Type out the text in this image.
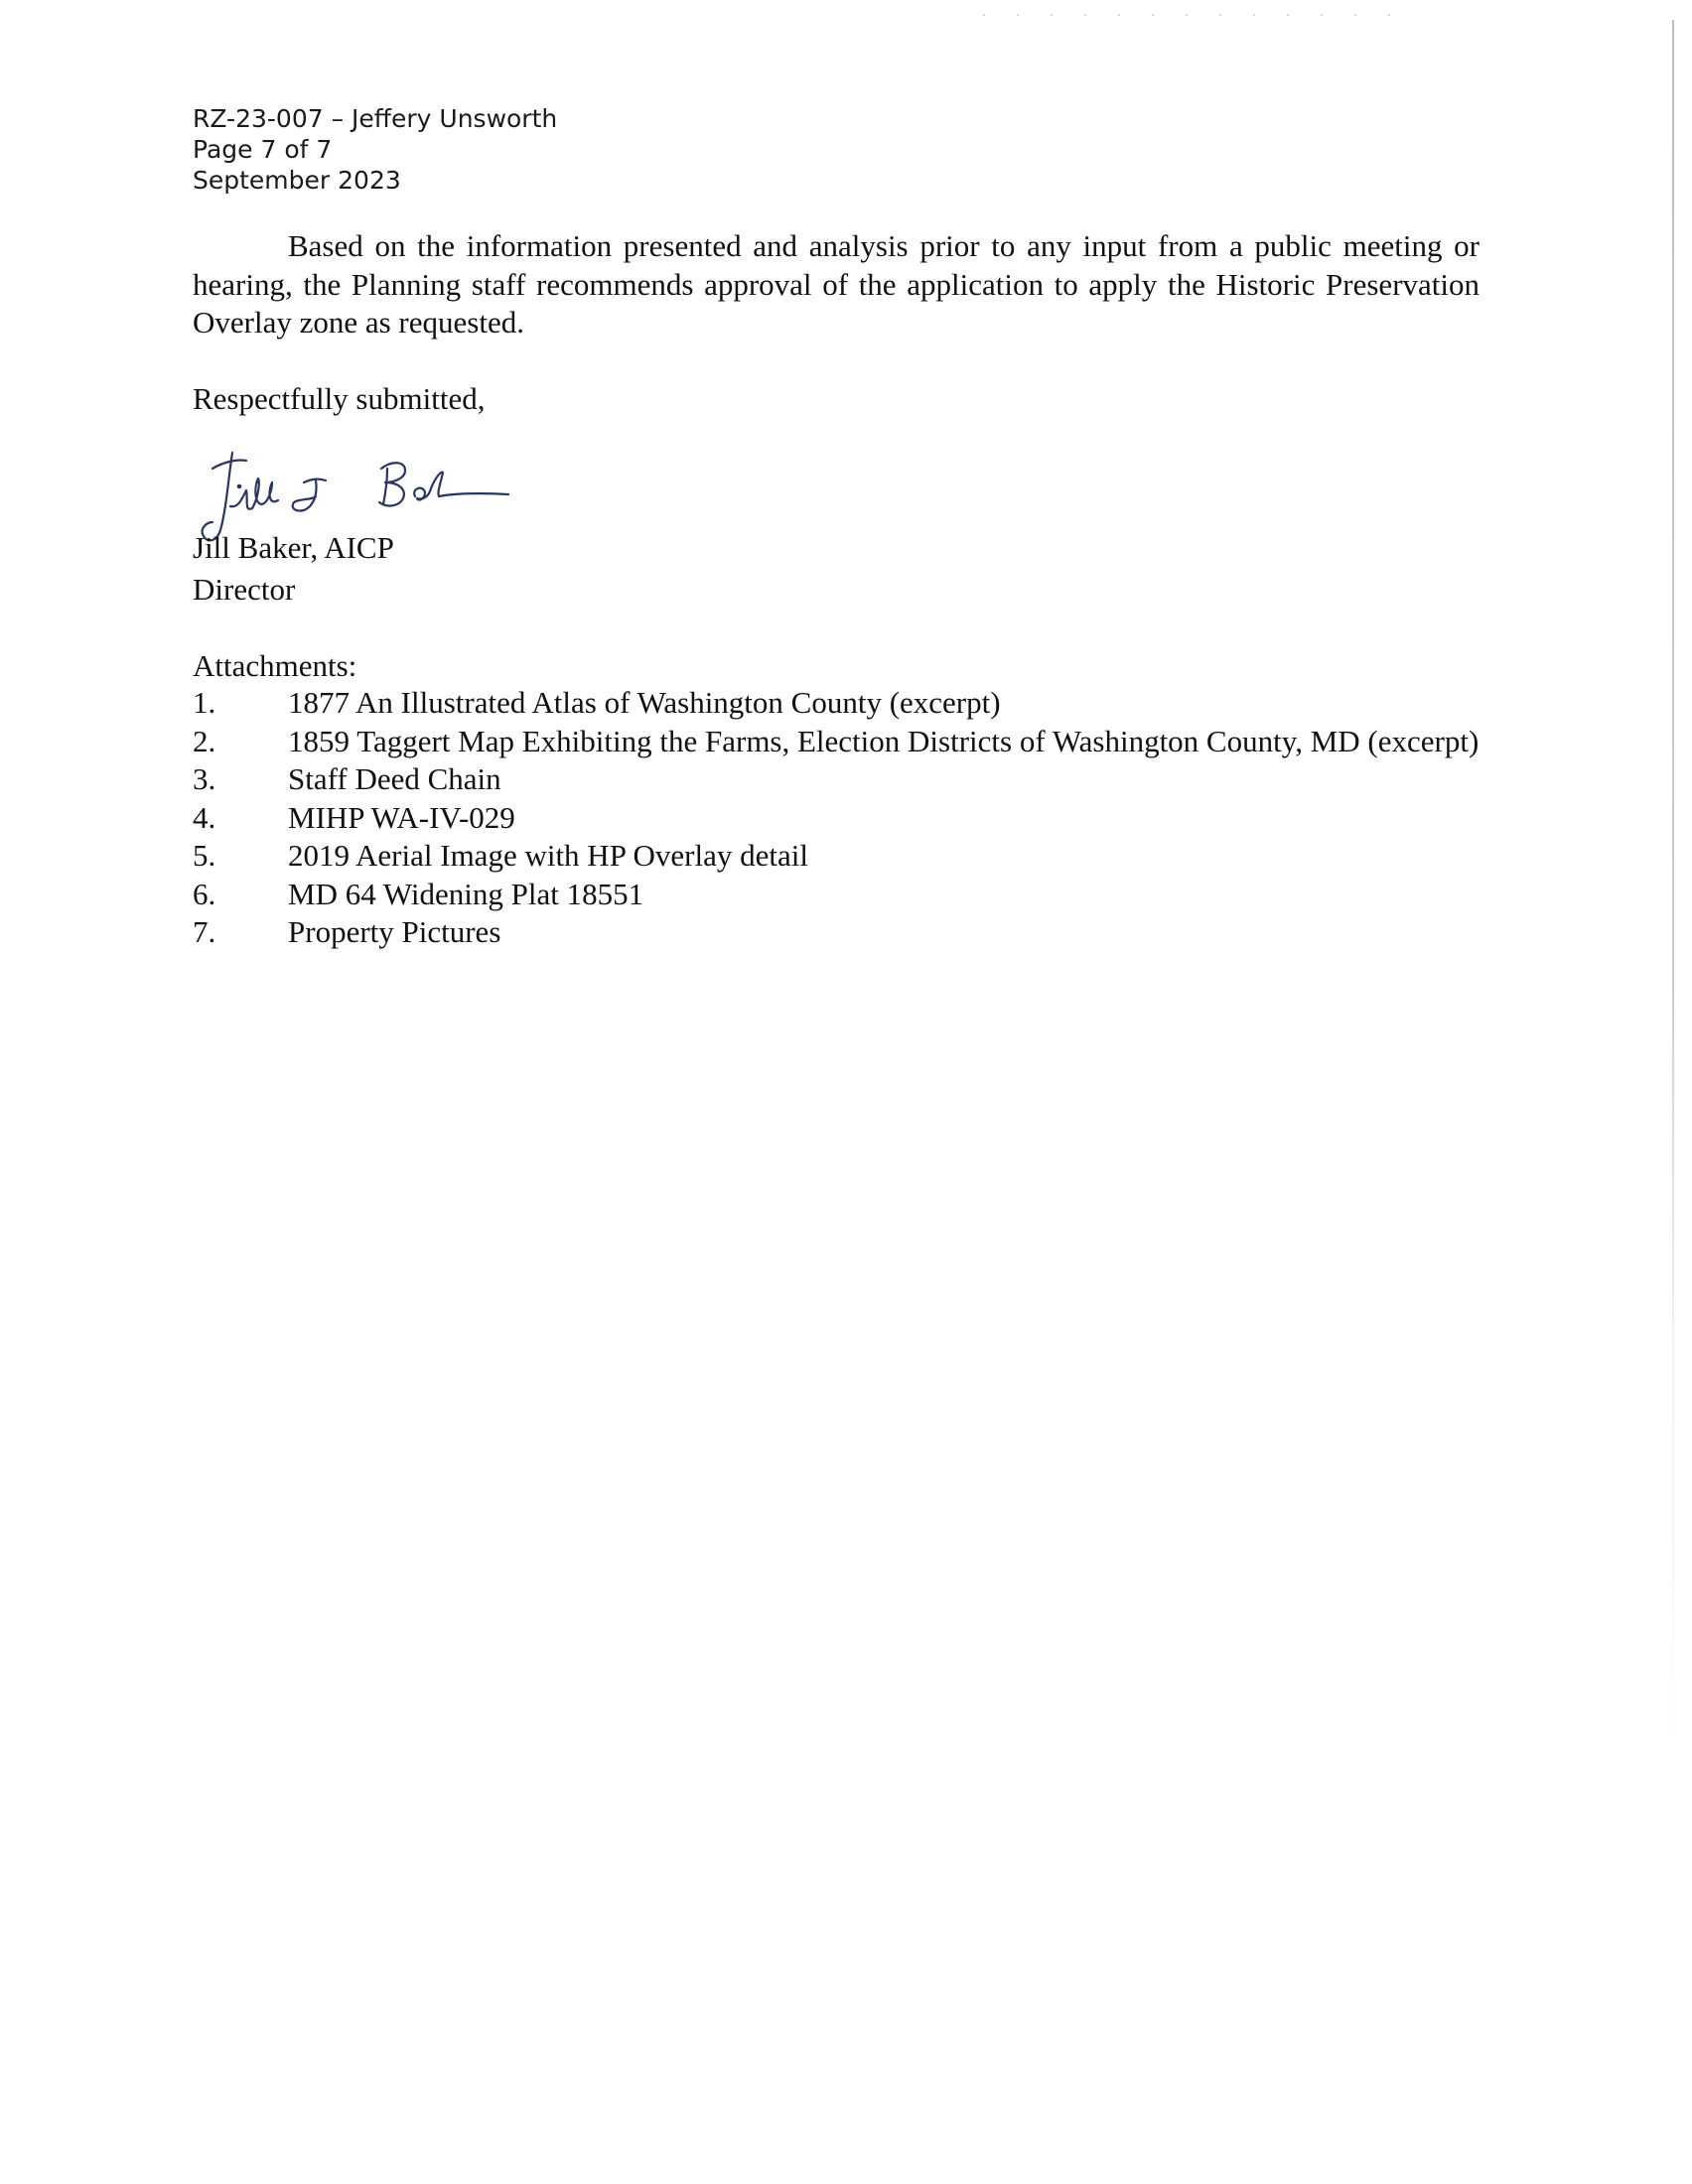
RZ-23-007 – Jeffery Unsworth
Page 7 of 7
September 2023

Based on the information presented and analysis prior to any input from a public meeting or hearing, the Planning staff recommends approval of the application to apply the Historic Preservation Overlay zone as requested.

Respectfully submitted,
Jill Baker, AICP
Director
Attachments:
1. 1877 An Illustrated Atlas of Washington County (excerpt)
2. 1859 Taggert Map Exhibiting the Farms, Election Districts of Washington County, MD (excerpt)
3. Staff Deed Chain
4. MIHP WA-IV-029
5. 2019 Aerial Image with HP Overlay detail
6. MD 64 Widening Plat 18551
7. Property Pictures
